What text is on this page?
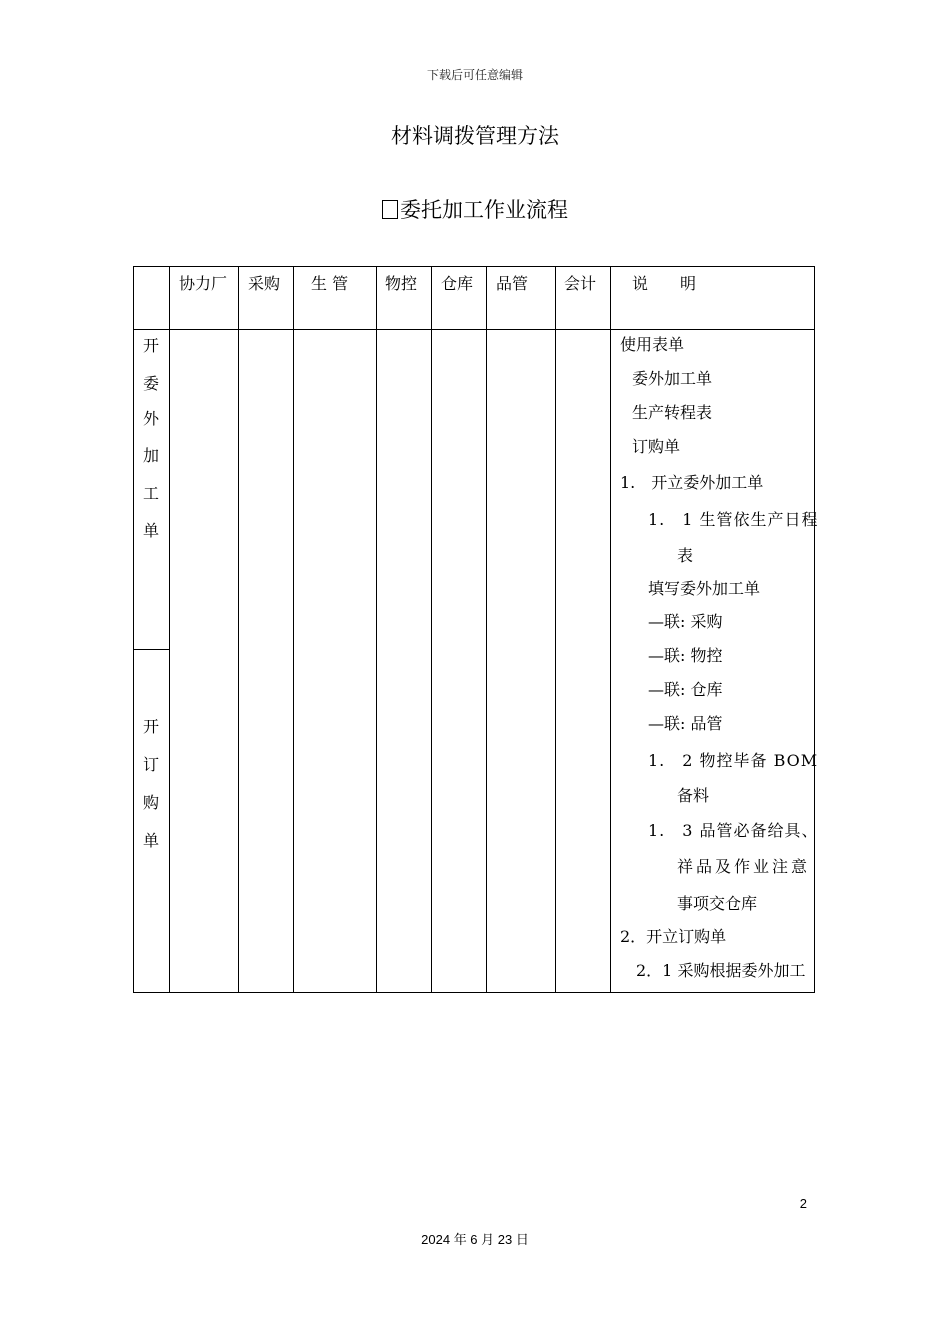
下载后可任意编辑
材料调拨管理方法
委托加工作业流程
协力厂 采购 生 管 物控 仓库 品管 会计 说　　明
开
委
外
加
工
单
开
订
购
单
使用表单
委外加工单
生产转程表
订购单
1.　开立委外加工单
1.　1 生管依生产日程
表
填写委外加工单
—联: 采购
—联: 物控
—联: 仓库
—联: 品管
1.　2 物控毕备 BOM
备料
1.　3 品管必备给具、
祥品及作业注意
事项交仓库
2．开立订购单
2．1 采购根据委外加工
2
2024 年 6 月 23 日
